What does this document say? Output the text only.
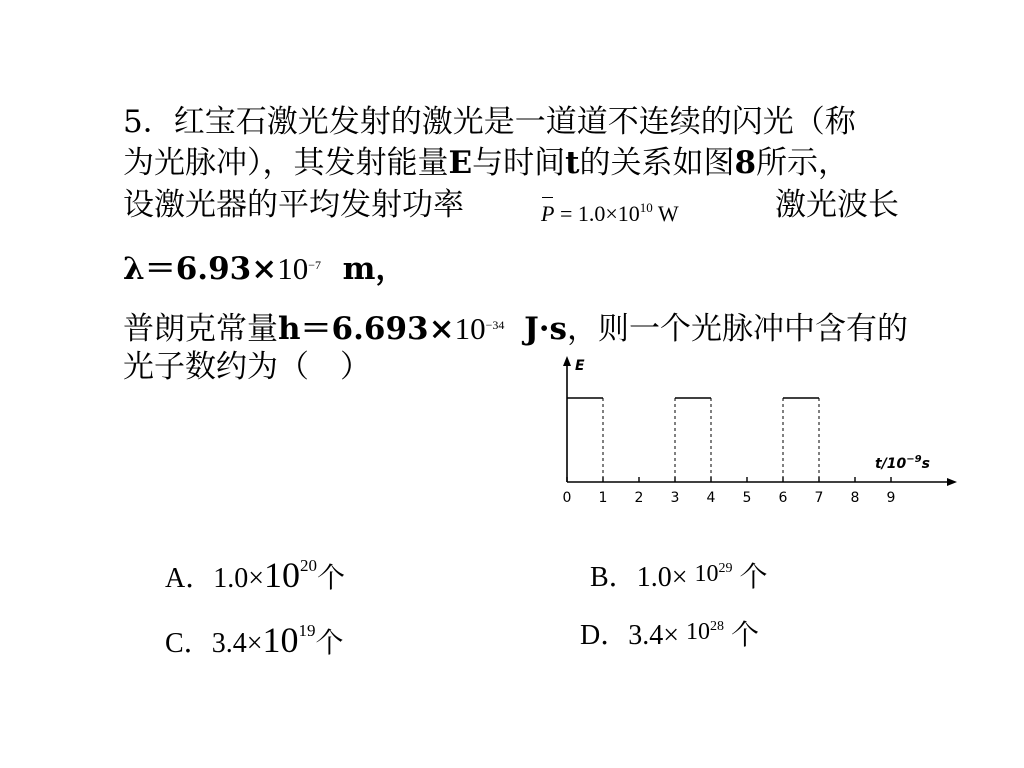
5．红宝石激光发射的激光是一道道不连续的闪光（称
为光脉冲），其发射能量E与时间t的关系如图8所示，
设激光器的平均发射功率	$P = 1.0\times 10^{10}$ W	激光波长
$\lambda=6.93\times 10^{-7}$ m，
普朗克常量$h=6.693\times 10^{-34}$ J·s，则一个光脉冲中含有的
光子数约为（　）	E
$t/10^{-9}s$
0 1 2 3 4 5 6 7 8 9
A．$1.0\times 10^{20}$个	B．$1.0\times 10^{29}$ 个
C．$3.4\times 10^{19}$个	D．$3.4\times 10^{28}$ 个
